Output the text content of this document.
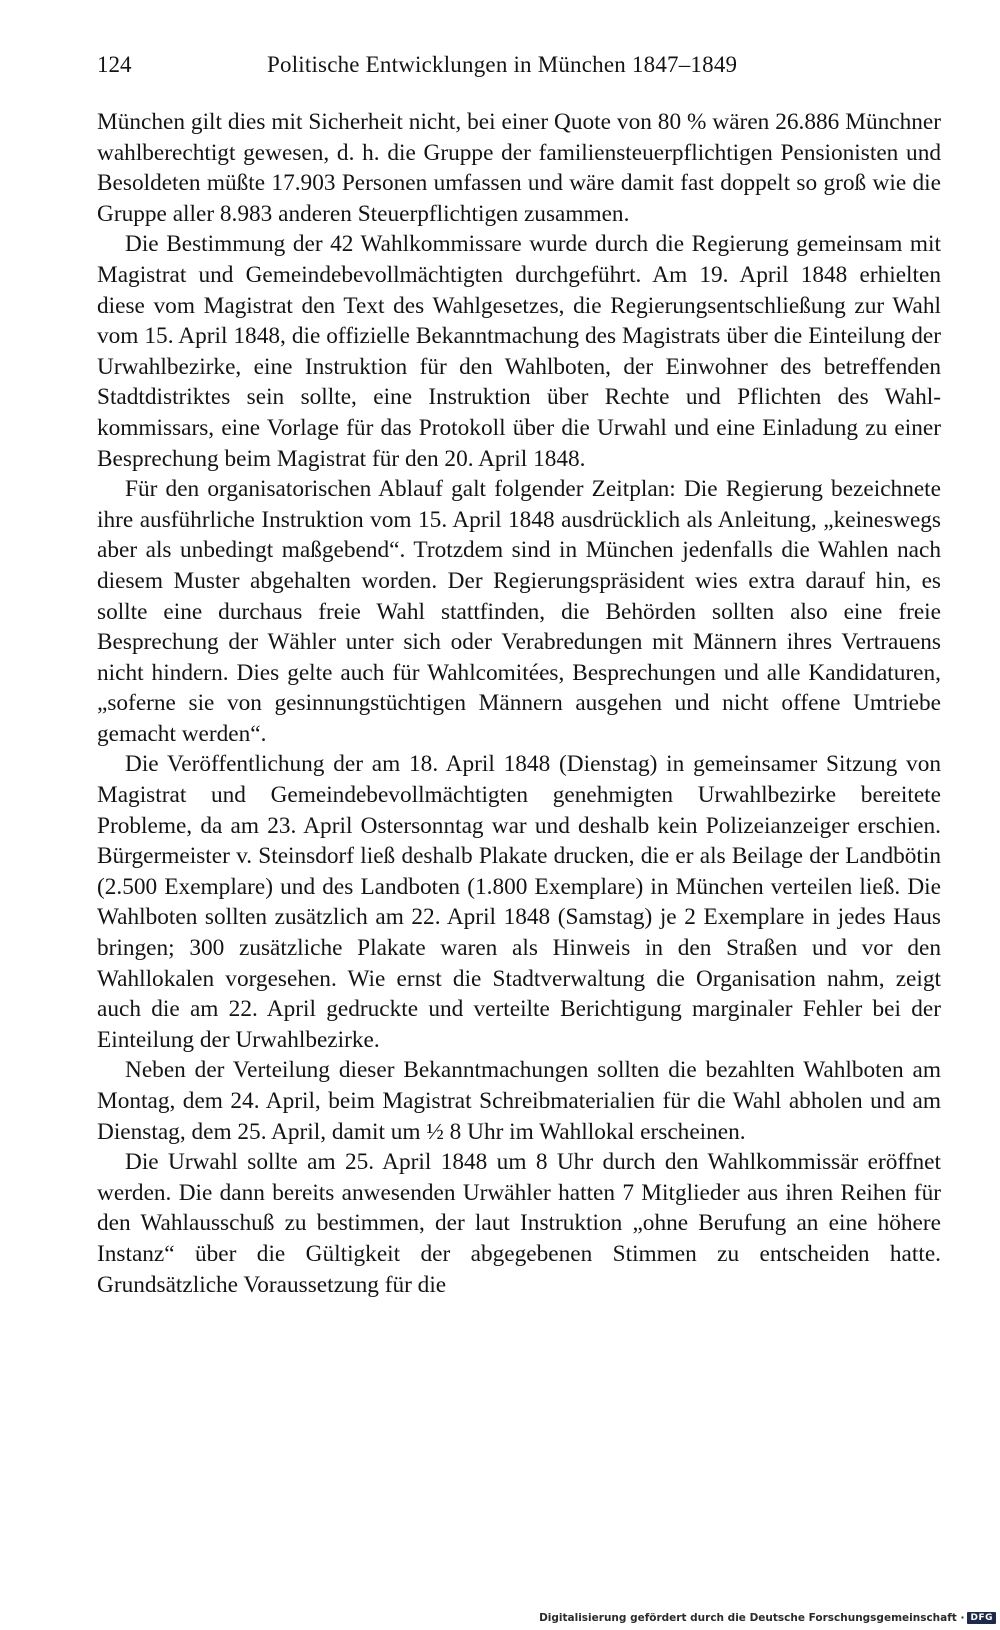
124	Politische Entwicklungen in München 1847–1849

München gilt dies mit Sicherheit nicht, bei einer Quote von 80 % wären 26.886 Münchner wahlberechtigt gewesen, d. h. die Gruppe der familiensteuerpflichtigen Pensionisten und Besoldeten müßte 17.903 Personen umfassen und wäre damit fast doppelt so groß wie die Gruppe aller 8.983 anderen Steuerpflichtigen zusammen.

Die Bestimmung der 42 Wahlkommissare wurde durch die Regierung gemeinsam mit Magistrat und Gemeindebevollmächtigten durchgeführt. Am 19. April 1848 erhielten diese vom Magistrat den Text des Wahlgesetzes, die Regierungsentschließung zur Wahl vom 15. April 1848, die offizielle Bekanntmachung des Magistrats über die Einteilung der Urwahlbezirke, eine Instruktion für den Wahlboten, der Einwohner des betreffenden Stadtdistriktes sein sollte, eine Instruktion über Rechte und Pflichten des Wahlkommissars, eine Vorlage für das Protokoll über die Urwahl und eine Einladung zu einer Besprechung beim Magistrat für den 20. April 1848.

Für den organisatorischen Ablauf galt folgender Zeitplan: Die Regierung bezeichnete ihre ausführliche Instruktion vom 15. April 1848 ausdrücklich als Anleitung, „keineswegs aber als unbedingt maßgebend“. Trotzdem sind in München jedenfalls die Wahlen nach diesem Muster abgehalten worden. Der Regierungspräsident wies extra darauf hin, es sollte eine durchaus freie Wahl stattfinden, die Behörden sollten also eine freie Besprechung der Wähler unter sich oder Verabredungen mit Männern ihres Vertrauens nicht hindern. Dies gelte auch für Wahlcomitées, Besprechungen und alle Kandidaturen, „soferne sie von gesinnungstüchtigen Männern ausgehen und nicht offene Umtriebe gemacht werden“.

Die Veröffentlichung der am 18. April 1848 (Dienstag) in gemeinsamer Sitzung von Magistrat und Gemeindebevollmächtigten genehmigten Urwahlbezirke bereitete Probleme, da am 23. April Ostersonntag war und deshalb kein Polizeianzeiger erschien. Bürgermeister v. Steinsdorf ließ deshalb Plakate drucken, die er als Beilage der Landbötin (2.500 Exemplare) und des Landboten (1.800 Exemplare) in München verteilen ließ. Die Wahlboten sollten zusätzlich am 22. April 1848 (Samstag) je 2 Exemplare in jedes Haus bringen; 300 zusätzliche Plakate waren als Hinweis in den Straßen und vor den Wahllokalen vorgesehen. Wie ernst die Stadtverwaltung die Organisation nahm, zeigt auch die am 22. April gedruckte und verteilte Berichtigung marginaler Fehler bei der Einteilung der Urwahlbezirke.

Neben der Verteilung dieser Bekanntmachungen sollten die bezahlten Wahlboten am Montag, dem 24. April, beim Magistrat Schreibmaterialien für die Wahl abholen und am Dienstag, dem 25. April, damit um ½ 8 Uhr im Wahllokal erscheinen.

Die Urwahl sollte am 25. April 1848 um 8 Uhr durch den Wahlkommissär eröffnet werden. Die dann bereits anwesenden Urwähler hatten 7 Mitglieder aus ihren Reihen für den Wahlausschuß zu bestimmen, der laut Instruktion „ohne Berufung an eine höhere Instanz“ über die Gültigkeit der abgegebenen Stimmen zu entscheiden hatte. Grundsätzliche Voraussetzung für die

Digitalisierung gefördert durch die Deutsche Forschungsgemeinschaft · DFG
